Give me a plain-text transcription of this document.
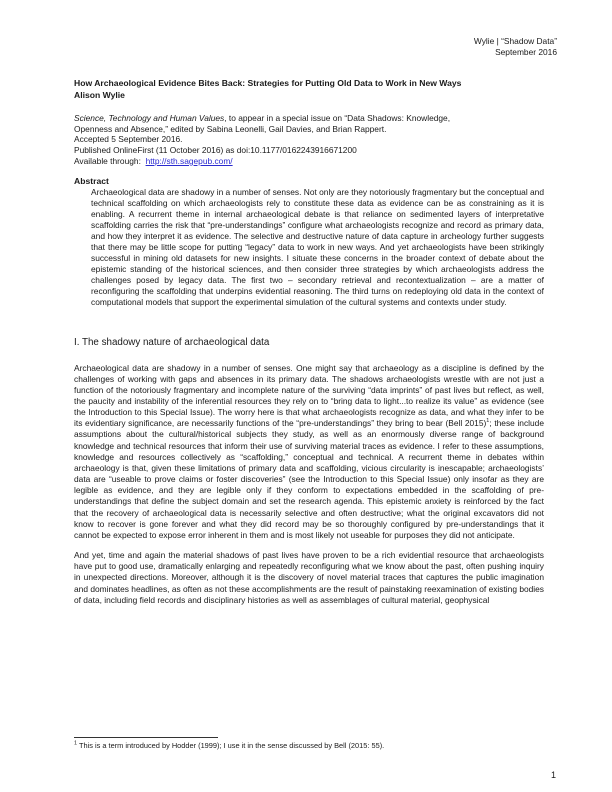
Wylie | “Shadow Data”
September 2016

How Archaeological Evidence Bites Back: Strategies for Putting Old Data to Work in New Ways

Alison Wylie

Science, Technology and Human Values, to appear in a special issue on “Data Shadows: Knowledge,
Openness and Absence,” edited by Sabina Leonelli, Gail Davies, and Brian Rappert.
Accepted 5 September 2016.
Published OnlineFirst (11 October 2016) as doi:10.1177/0162243916671200
Available through: http://sth.sagepub.com/
Abstract
Archaeological data are shadowy in a number of senses. Not only are they notoriously fragmentary but the conceptual and technical scaffolding on which archaeologists rely to constitute these data as evidence can be as constraining as it is enabling. A recurrent theme in internal archaeological debate is that reliance on sedimented layers of interpretative scaffolding carries the risk that “pre-understandings” configure what archaeologists recognize and record as primary data, and how they interpret it as evidence. The selective and destructive nature of data capture in archeology further suggests that there may be little scope for putting “legacy” data to work in new ways. And yet archaeologists have been strikingly successful in mining old datasets for new insights. I situate these concerns in the broader context of debate about the epistemic standing of the historical sciences, and then consider three strategies by which archaeologists address the challenges posed by legacy data. The first two – secondary retrieval and recontextualization – are a matter of reconfiguring the scaffolding that underpins evidential reasoning. The third turns on redeploying old data in the context of computational models that support the experimental simulation of the cultural systems and contexts under study.
I. The shadowy nature of archaeological data
Archaeological data are shadowy in a number of senses. One might say that archaeology as a discipline is defined by the challenges of working with gaps and absences in its primary data. The shadows archaeologists wrestle with are not just a function of the notoriously fragmentary and incomplete nature of the surviving “data imprints” of past lives but reflect, as well, the paucity and instability of the inferential resources they rely on to “bring data to light...to realize its value” as evidence (see the Introduction to this Special Issue). The worry here is that what archaeologists recognize as data, and what they infer to be its evidentiary significance, are necessarily functions of the “pre-understandings” they bring to bear (Bell 2015)$^1$; these include assumptions about the cultural/historical subjects they study, as well as an enormously diverse range of background knowledge and technical resources that inform their use of surviving material traces as evidence. I refer to these assumptions, knowledge and resources collectively as “scaffolding,” conceptual and technical. A recurrent theme in debates within archaeology is that, given these limitations of primary data and scaffolding, vicious circularity is inescapable; archaeologists’ data are “useable to prove claims or foster discoveries” (see the Introduction to this Special Issue) only insofar as they are legible as evidence, and they are legible only if they conform to expectations embedded in the scaffolding of pre-understandings that define the subject domain and set the research agenda. This epistemic anxiety is reinforced by the fact that the recovery of archaeological data is necessarily selective and often destructive; what the original excavators did not know to recover is gone forever and what they did record may be so thoroughly configured by pre-understandings that it cannot be expected to expose error inherent in them and is most likely not useable for purposes they did not anticipate.
And yet, time and again the material shadows of past lives have proven to be a rich evidential resource that archaeologists have put to good use, dramatically enlarging and repeatedly reconfiguring what we know about the past, often pushing inquiry in unexpected directions. Moreover, although it is the discovery of novel material traces that captures the public imagination and dominates headlines, as often as not these accomplishments are the result of painstaking reexamination of existing bodies of data, including field records and disciplinary histories as well as assemblages of cultural material, geophysical
$^1$ This is a term introduced by Hodder (1999); I use it in the sense discussed by Bell (2015: 55).
1
